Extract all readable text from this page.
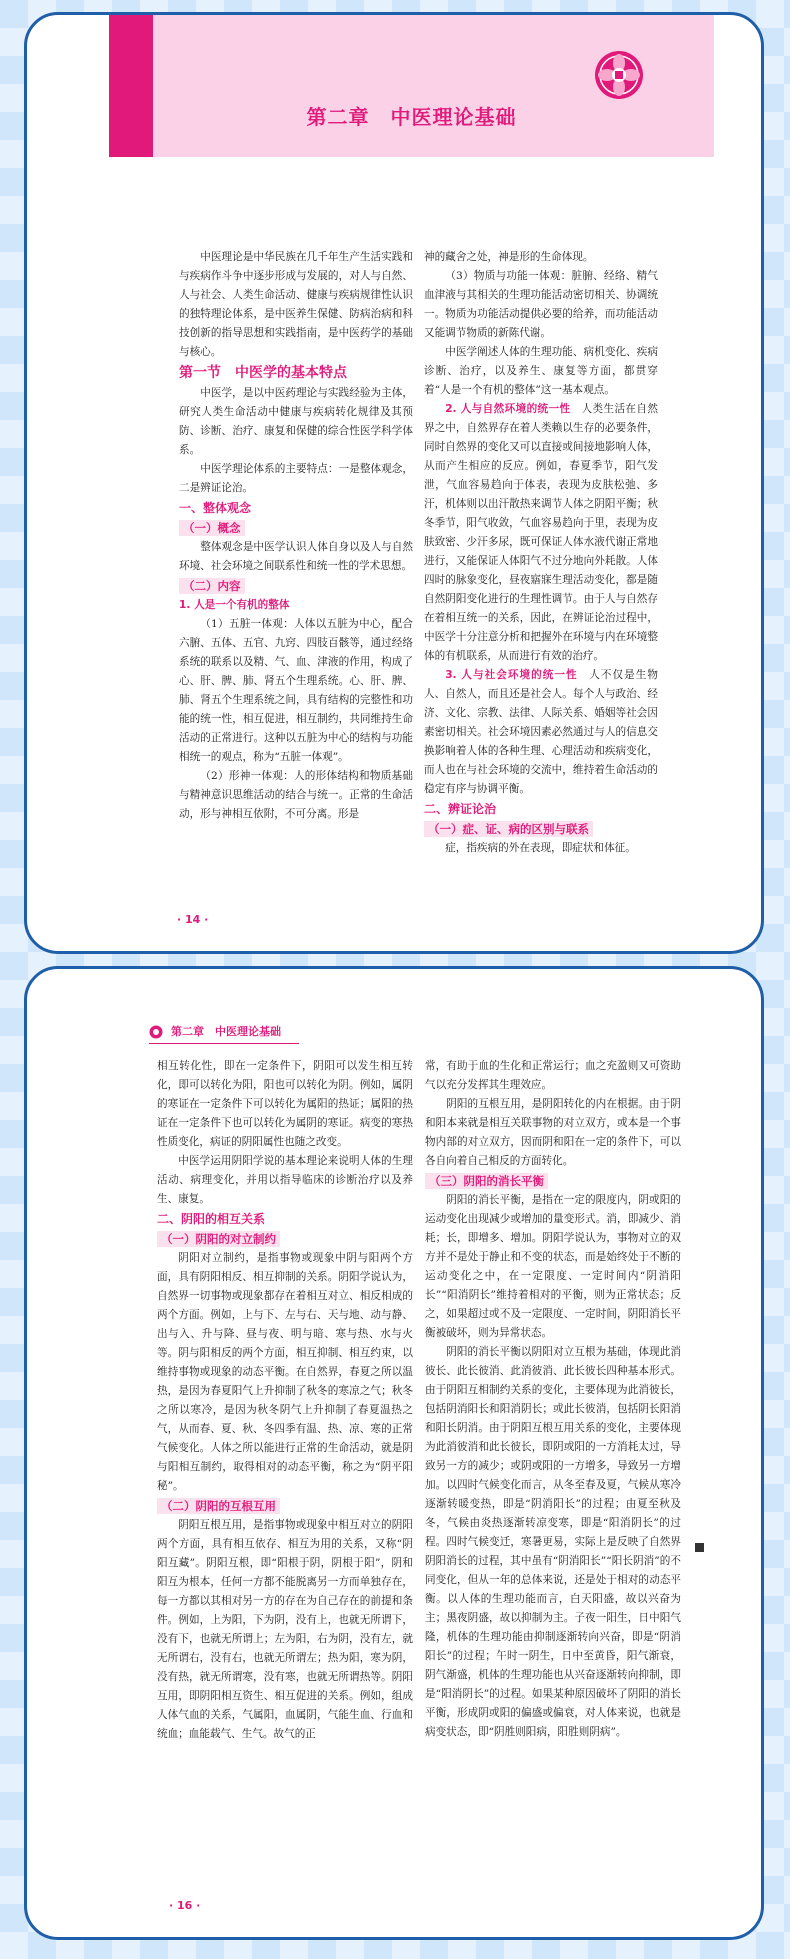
第二章　中医理论基础

中医理论是中华民族在几千年生产生活实践和与疾病作斗争中逐步形成与发展的，对人与自然、人与社会、人类生命活动、健康与疾病规律性认识的独特理论体系，是中医养生保健、防病治病和科技创新的指导思想和实践指南，是中医药学的基础与核心。

第一节　中医学的基本特点

中医学，是以中医药理论与实践经验为主体，研究人类生命活动中健康与疾病转化规律及其预防、诊断、治疗、康复和保健的综合性医学科学体系。

中医学理论体系的主要特点：一是整体观念，二是辨证论治。

一、整体观念

（一）概念

整体观念是中医学认识人体自身以及人与自然环境、社会环境之间联系性和统一性的学术思想。

（二）内容

1. 人是一个有机的整体

（1）五脏一体观：人体以五脏为中心，配合六腑、五体、五官、九窍、四肢百骸等，通过经络系统的联系以及精、气、血、津液的作用，构成了心、肝、脾、肺、肾五个生理系统。心、肝、脾、肺、肾五个生理系统之间，具有结构的完整性和功能的统一性，相互促进，相互制约，共同维持生命活动的正常进行。这种以五脏为中心的结构与功能相统一的观点，称为“五脏一体观”。

（2）形神一体观：人的形体结构和物质基础与精神意识思维活动的结合与统一。正常的生命活动，形与神相互依附，不可分离。形是

神的藏舍之处，神是形的生命体现。

（3）物质与功能一体观：脏腑、经络、精气血津液与其相关的生理功能活动密切相关、协调统一。物质为功能活动提供必要的给养，而功能活动又能调节物质的新陈代谢。

中医学阐述人体的生理功能、病机变化、疾病诊断、治疗，以及养生、康复等方面，都贯穿着“人是一个有机的整体”这一基本观点。

2. 人与自然环境的统一性　 人类生活在自然界之中，自然界存在着人类赖以生存的必要条件，同时自然界的变化又可以直接或间接地影响人体，从而产生相应的反应。例如，春夏季节，阳气发泄，气血容易趋向于体表，表现为皮肤松弛、多汗，机体则以出汗散热来调节人体之阴阳平衡；秋冬季节，阳气收敛，气血容易趋向于里，表现为皮肤致密、少汗多尿，既可保证人体水液代谢正常地进行，又能保证人体阳气不过分地向外耗散。人体四时的脉象变化，昼夜寤寐生理活动变化，都是随自然阴阳变化进行的生理性调节。由于人与自然存在着相互统一的关系，因此，在辨证论治过程中，中医学十分注意分析和把握外在环境与内在环境整体的有机联系，从而进行有效的治疗。

3. 人与社会环境的统一性　 人不仅是生物人、自然人，而且还是社会人。每个人与政治、经济、文化、宗教、法律、人际关系、婚姻等社会因素密切相关。社会环境因素必然通过与人的信息交换影响着人体的各种生理、心理活动和疾病变化，而人也在与社会环境的交流中，维持着生命活动的稳定有序与协调平衡。

二、辨证论治

（一）症、证、病的区别与联系

症，指疾病的外在表现，即症状和体征。

· 14 ·
第二章　中医理论基础

相互转化性，即在一定条件下，阴阳可以发生相互转化，即可以转化为阳，阳也可以转化为阴。例如，属阴的寒证在一定条件下可以转化为属阳的热证；属阳的热证在一定条件下也可以转化为属阴的寒证。病变的寒热性质变化，病证的阴阳属性也随之改变。

中医学运用阴阳学说的基本理论来说明人体的生理活动、病理变化，并用以指导临床的诊断治疗以及养生、康复。

二、阴阳的相互关系

（一）阴阳的对立制约

阴阳对立制约，是指事物或现象中阴与阳两个方面，具有阴阳相反、相互抑制的关系。阴阳学说认为，自然界一切事物或现象都存在着相互对立、相反相成的两个方面。例如，上与下、左与右、天与地、动与静、出与入、升与降、昼与夜、明与暗、寒与热、水与火等。阴与阳相反的两个方面，相互抑制、相互约束，以维持事物或现象的动态平衡。在自然界，春夏之所以温热，是因为春夏阳气上升抑制了秋冬的寒凉之气；秋冬之所以寒冷，是因为秋冬阴气上升抑制了春夏温热之气，从而春、夏、秋、冬四季有温、热、凉、寒的正常气候变化。人体之所以能进行正常的生命活动，就是阴与阳相互制约，取得相对的动态平衡，称之为“阴平阳秘”。

（二）阴阳的互根互用

阴阳互根互用，是指事物或现象中相互对立的阴阳两个方面，具有相互依存、相互为用的关系，又称“阴阳互藏”。阴阳互根，即“阳根于阴，阴根于阳”，阴和阳互为根本，任何一方都不能脱离另一方而单独存在，每一方都以其相对另一方的存在为自己存在的前提和条件。例如，上为阳，下为阴，没有上，也就无所谓下，没有下，也就无所谓上；左为阳，右为阴，没有左，就无所谓右，没有右，也就无所谓左；热为阳，寒为阴，没有热，就无所谓寒，没有寒，也就无所谓热等。阴阳互用，即阴阳相互资生、相互促进的关系。例如，组成人体气血的关系，气属阳，血属阴，气能生血、行血和统血；血能载气、生气。故气的正

常，有助于血的生化和正常运行；血之充盈则又可资助气以充分发挥其生理效应。

阴阳的互根互用，是阴阳转化的内在根据。由于阴和阳本来就是相互关联事物的对立双方，或本是一个事物内部的对立双方，因而阴和阳在一定的条件下，可以各自向着自己相反的方面转化。

（三）阴阳的消长平衡

阴阳的消长平衡，是指在一定的限度内，阴或阳的运动变化出现减少或增加的量变形式。消，即减少、消耗；长，即增多、增加。阴阳学说认为，事物对立的双方并不是处于静止和不变的状态，而是始终处于不断的运动变化之中，在一定限度、一定时间内“阴消阳长”“阳消阴长”维持着相对的平衡，则为正常状态；反之，如果超过或不及一定限度、一定时间，阴阳消长平衡被破坏，则为异常状态。

阴阳的消长平衡以阴阳对立互根为基础，体现此消彼长、此长彼消、此消彼消、此长彼长四种基本形式。由于阴阳互相制约关系的变化，主要体现为此消彼长，包括阴消阳长和阳消阴长；或此长彼消，包括阴长阳消和阳长阴消。由于阴阳互根互用关系的变化，主要体现为此消彼消和此长彼长，即阴或阳的一方消耗太过，导致另一方的减少；或阴或阳的一方增多，导致另一方增加。以四时气候变化而言，从冬至春及夏，气候从寒冷逐渐转暖变热，即是“阴消阳长”的过程；由夏至秋及冬，气候由炎热逐渐转凉变寒，即是“阳消阴长”的过程。四时气候变迁，寒暑更易，实际上是反映了自然界阴阳消长的过程，其中虽有“阴消阳长”“阳长阴消”的不同变化，但从一年的总体来说，还是处于相对的动态平衡。以人体的生理功能而言，白天阳盛，故以兴奋为主；黑夜阴盛，故以抑制为主。子夜一阳生，日中阳气隆，机体的生理功能由抑制逐渐转向兴奋，即是“阴消阳长”的过程；午时一阴生，日中至黄昏，阳气渐衰，阴气渐盛，机体的生理功能也从兴奋逐渐转向抑制，即是“阳消阴长”的过程。如果某种原因破坏了阴阳的消长平衡，形成阴或阳的偏盛或偏衰，对人体来说，也就是病变状态，即“阴胜则阳病，阳胜则阴病”。

· 16 ·
